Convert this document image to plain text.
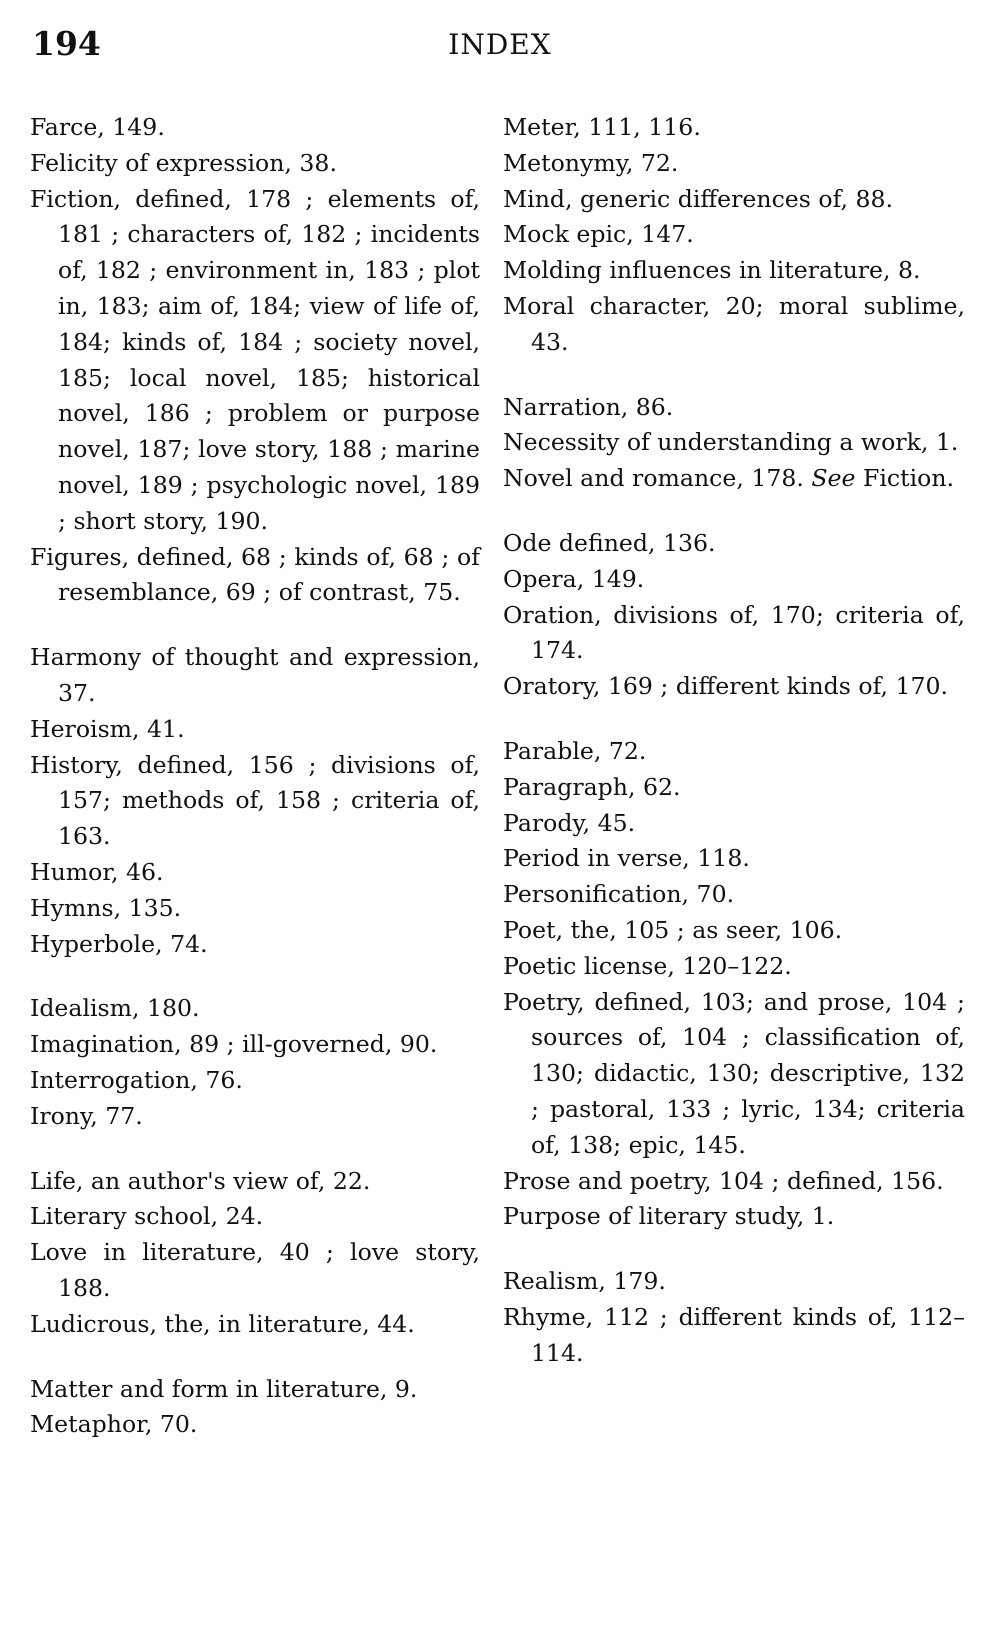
194	INDEX
Farce, 149.
Felicity of expression, 38.
Fiction, defined, 178 ; elements of, 181 ; characters of, 182 ; incidents of, 182 ; environment in, 183 ; plot in, 183; aim of, 184; view of life of, 184; kinds of, 184 ; society novel, 185; local novel, 185; historical novel, 186 ; problem or purpose novel, 187; love story, 188 ; marine novel, 189 ; psychologic novel, 189 ; short story, 190.
Figures, defined, 68 ; kinds of, 68 ; of resemblance, 69 ; of contrast, 75.
Harmony of thought and expression, 37.
Heroism, 41.
History, defined, 156 ; divisions of, 157; methods of, 158 ; criteria of, 163.
Humor, 46.
Hymns, 135.
Hyperbole, 74.
Idealism, 180.
Imagination, 89 ; ill-governed, 90.
Interrogation, 76.
Irony, 77.
Life, an author's view of, 22.
Literary school, 24.
Love in literature, 40 ; love story, 188.
Ludicrous, the, in literature, 44.
Matter and form in literature, 9.
Metaphor, 70.
Meter, 111, 116.
Metonymy, 72.
Mind, generic differences of, 88.
Mock epic, 147.
Molding influences in literature, 8.
Moral character, 20; moral sublime, 43.
Narration, 86.
Necessity of understanding a work, 1.
Novel and romance, 178. See Fiction.
Ode defined, 136.
Opera, 149.
Oration, divisions of, 170; criteria of, 174.
Oratory, 169 ; different kinds of, 170.
Parable, 72.
Paragraph, 62.
Parody, 45.
Period in verse, 118.
Personification, 70.
Poet, the, 105 ; as seer, 106.
Poetic license, 120–122.
Poetry, defined, 103; and prose, 104 ; sources of, 104 ; classification of, 130; didactic, 130; descriptive, 132 ; pastoral, 133 ; lyric, 134; criteria of, 138; epic, 145.
Prose and poetry, 104 ; defined, 156.
Purpose of literary study, 1.
Realism, 179.
Rhyme, 112 ; different kinds of, 112–114.
